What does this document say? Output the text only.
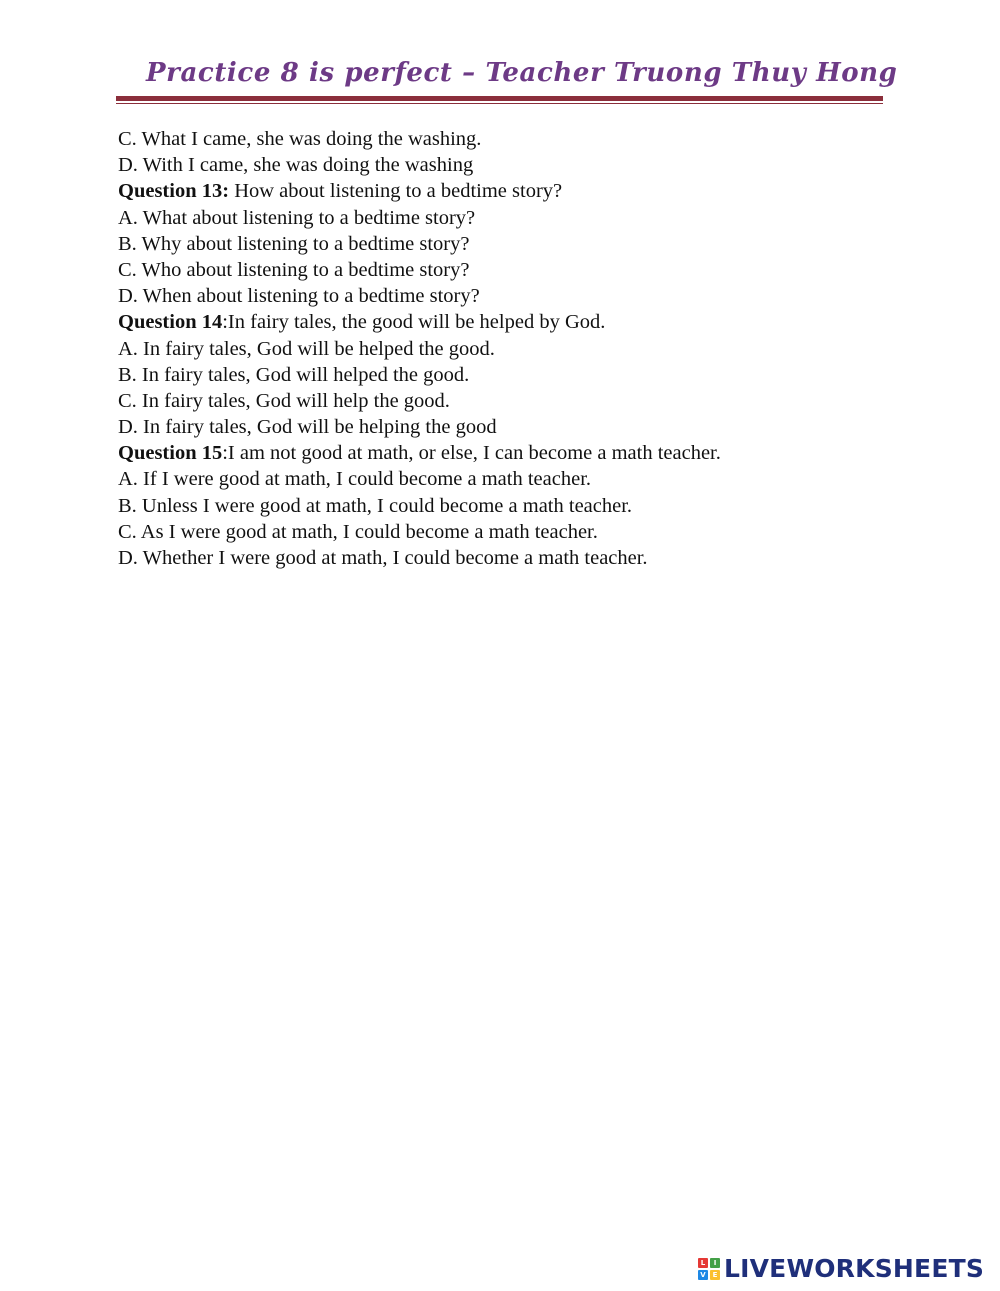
Practice 8 is perfect – Teacher Truong Thuy Hong
C. What I came, she was doing the washing.
D. With I came, she was doing the washing
Question 13: How about listening to a bedtime story?
A. What about listening to a bedtime story?
B. Why about listening to a bedtime story?
C. Who about listening to a bedtime story?
D. When about listening to a bedtime story?
Question 14:In fairy tales, the good will be helped by God.
A. In fairy tales, God will be helped the good.
B. In fairy tales, God will helped the good.
C. In fairy tales, God will help the good.
D. In fairy tales, God will be helping the good
Question 15:I am not good at math, or else, I can become a math teacher.
A. If I were good at math, I could become a math teacher.
B. Unless I were good at math, I could become a math teacher.
C. As I were good at math, I could become a math teacher.
D. Whether I were good at math, I could become a math teacher.
L	I
V E LIVEWORKSHEETS
